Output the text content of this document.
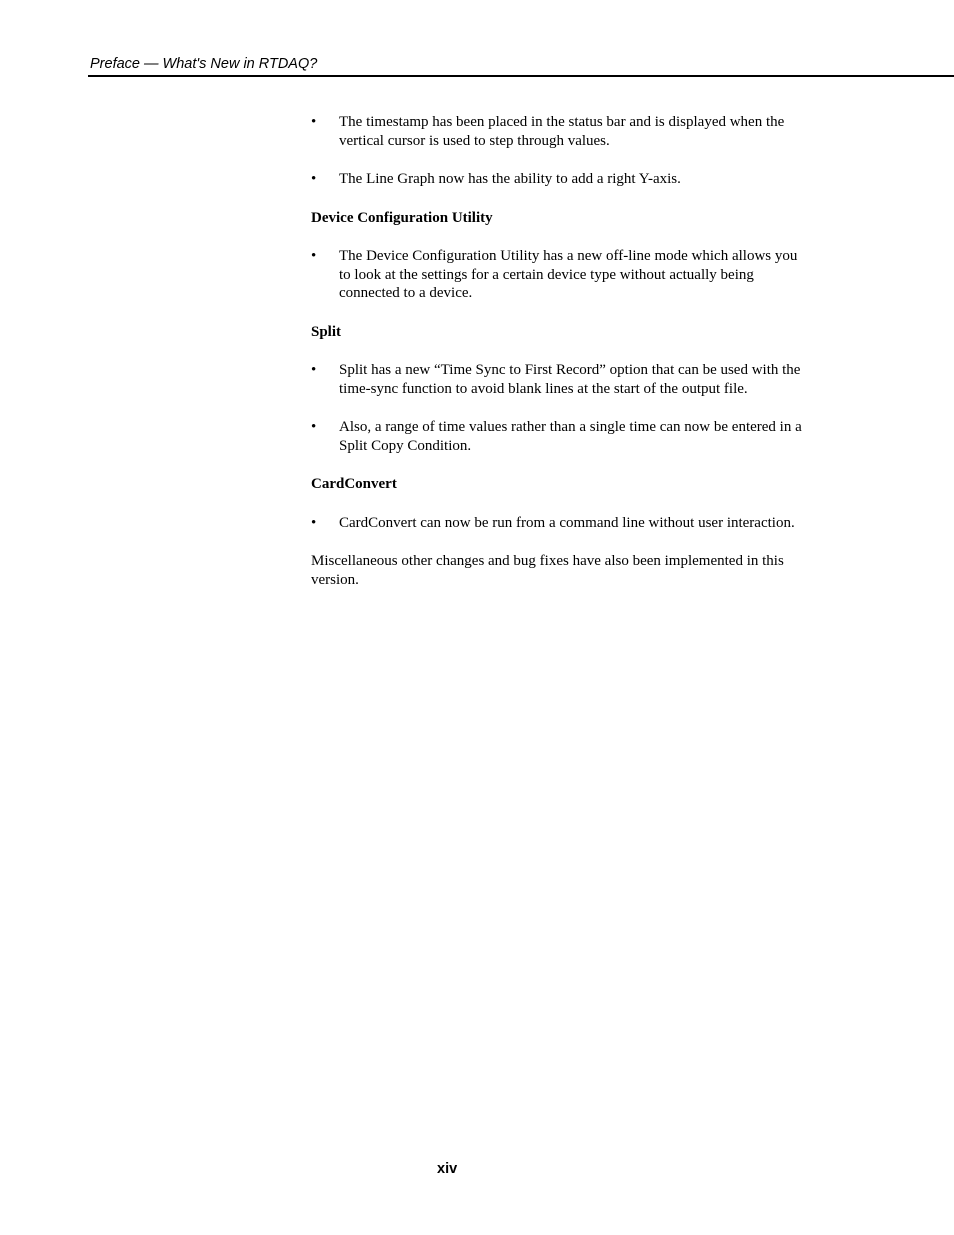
Preface — What's New in RTDAQ?
•	The timestamp has been placed in the status bar and is displayed when the vertical cursor is used to step through values.
•	The Line Graph now has the ability to add a right Y-axis.
Device Configuration Utility
•	The Device Configuration Utility has a new off-line mode which allows you to look at the settings for a certain device type without actually being connected to a device.
Split
•	Split has a new “Time Sync to First Record” option that can be used with the time-sync function to avoid blank lines at the start of the output file.
•	Also, a range of time values rather than a single time can now be entered in a Split Copy Condition.
CardConvert
•	CardConvert can now be run from a command line without user interaction.

Miscellaneous other changes and bug fixes have also been implemented in this version.

xiv
